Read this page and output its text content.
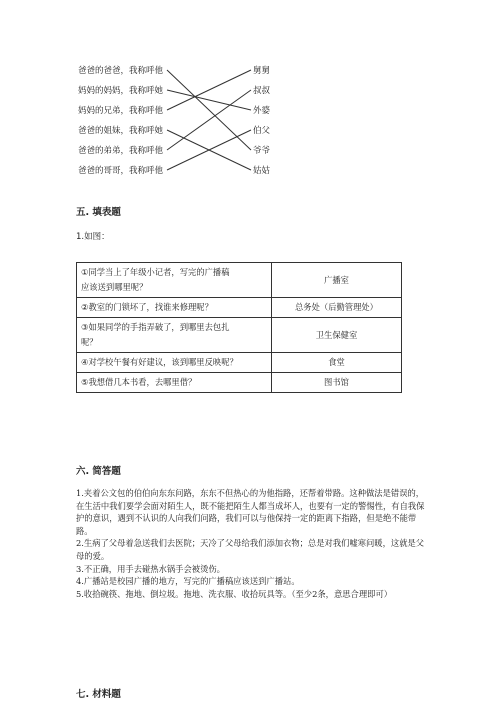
爸爸的爸爸，我称呼他
妈妈的妈妈，我称呼她
妈妈的兄弟，我称呼他
爸爸的姐妹，我称呼她
爸爸的弟弟，我称呼他
爸爸的哥哥，我称呼他
舅舅
叔叔
外婆
伯父
爷爷
姑姑
五. 填表题
1.如图：
①同学当上了年级小记者，写完的广播稿
应该送到哪里呢？	广播室

②教室的门锁坏了，找谁来修理呢？	总务处（后勤管理处）

③如果同学的手指弄破了，到哪里去包扎
呢？	卫生保健室

④对学校午餐有好建议，该到哪里反映呢？	食堂

⑤我想借几本书看，去哪里借？	图书馆
六. 简答题

1.夹着公文包的伯伯向东东问路，东东不但热心的为他指路，还帮着带路。这种做法是错误的，在生活中我们要学会面对陌生人，既不能把陌生人都当成坏人，也要有一定的警惕性，有自我保护的意识，遇到不认识的人向我们问路，我们可以与他保持一定的距离下指路，但是绝不能带路。

2.生病了父母着急送我们去医院；天冷了父母给我们添加衣物；总是对我们嘘寒问暖，这就是父母的爱。

3.不正确，用手去碰热水锅手会被烫伤。

4.广播站是校园广播的地方，写完的广播稿应该送到广播站。

5.收拾碗筷、拖地、倒垃圾。拖地、洗衣服、收拾玩具等。（至少2条，意思合理即可）

七. 材料题
